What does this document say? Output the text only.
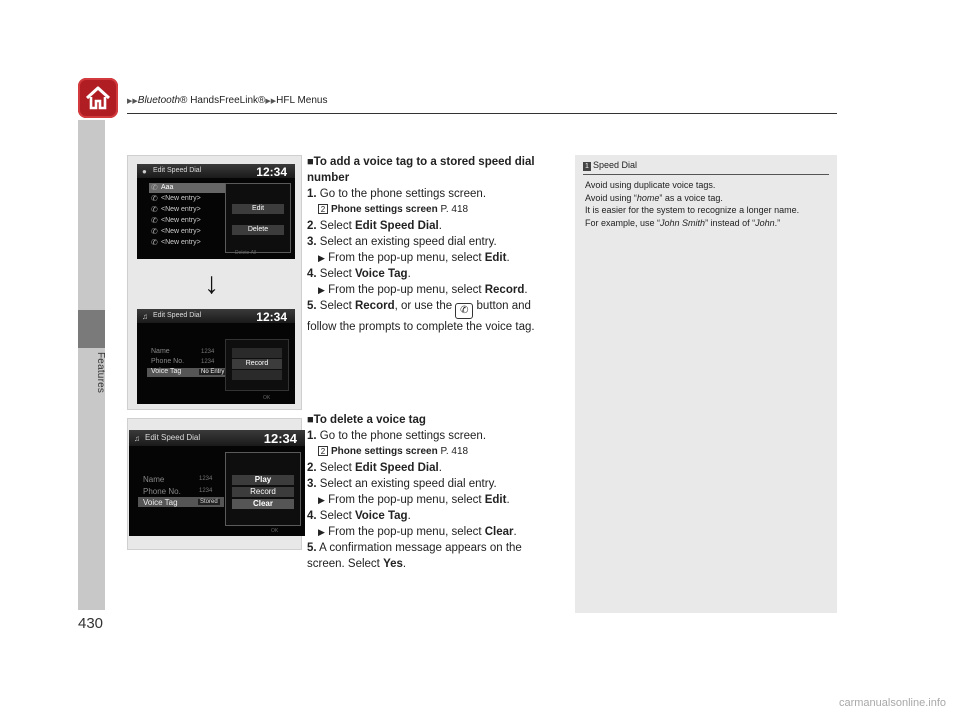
▶▶Bluetooth® HandsFreeLink®▶▶HFL Menus
Features
430
● Edit Speed Dial	12:34
✆ Aaa
✆ <New entry>
✆ <New entry>
✆ <New entry>
✆ <New entry>
✆ <New entry>
Edit
Delete
Delete All
↓
♫ Edit Speed Dial	12:34
Name	1234
Phone No.	1234
Voice Tag	No Entry
Record
OK
♫ Edit Speed Dial	12:34
Name	1234
Phone No.	1234
Voice Tag	Stored
Play
Record
Clear
OK
■To add a voice tag to a stored speed dial number
1. Go to the phone settings screen.
2 Phone settings screen P. 418
2. Select Edit Speed Dial.
3. Select an existing speed dial entry.
▶ From the pop-up menu, select Edit.
4. Select Voice Tag.
▶ From the pop-up menu, select Record.
5. Select Record, or use the ✆ button and follow the prompts to complete the voice tag.
■To delete a voice tag
1. Go to the phone settings screen.
2 Phone settings screen P. 418
2. Select Edit Speed Dial.
3. Select an existing speed dial entry.
▶ From the pop-up menu, select Edit.
4. Select Voice Tag.
▶ From the pop-up menu, select Clear.
5. A confirmation message appears on the screen. Select Yes.
1 Speed Dial
Avoid using duplicate voice tags.
Avoid using “home” as a voice tag.
It is easier for the system to recognize a longer name.
For example, use “John Smith” instead of “John.”
carmanualsonline.info
